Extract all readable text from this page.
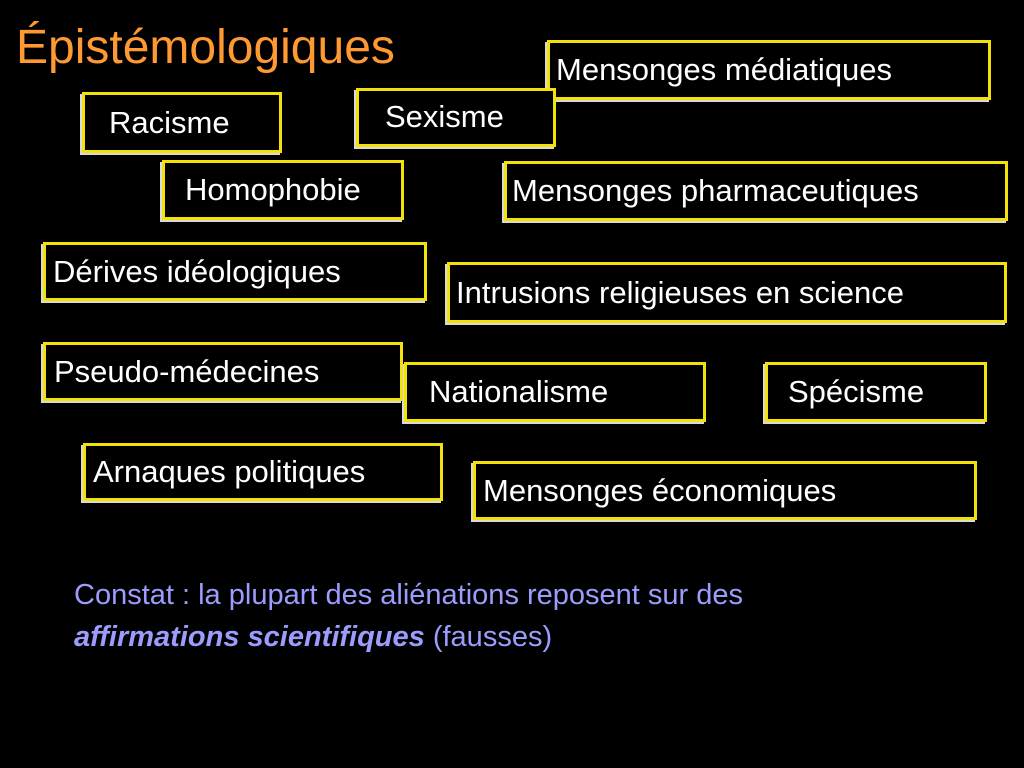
Épistémologiques	Mensonges médiatiques
Racisme	Sexisme
Homophobie	Mensonges pharmaceutiques
Dérives idéologiques
Intrusions religieuses en science
Nationalisme
Pseudo-médecines
Spécisme
Arnaques politiques
Mensonges économiques
Constat : la plupart des aliénations reposent sur des
affirmations scientifiques (fausses)
